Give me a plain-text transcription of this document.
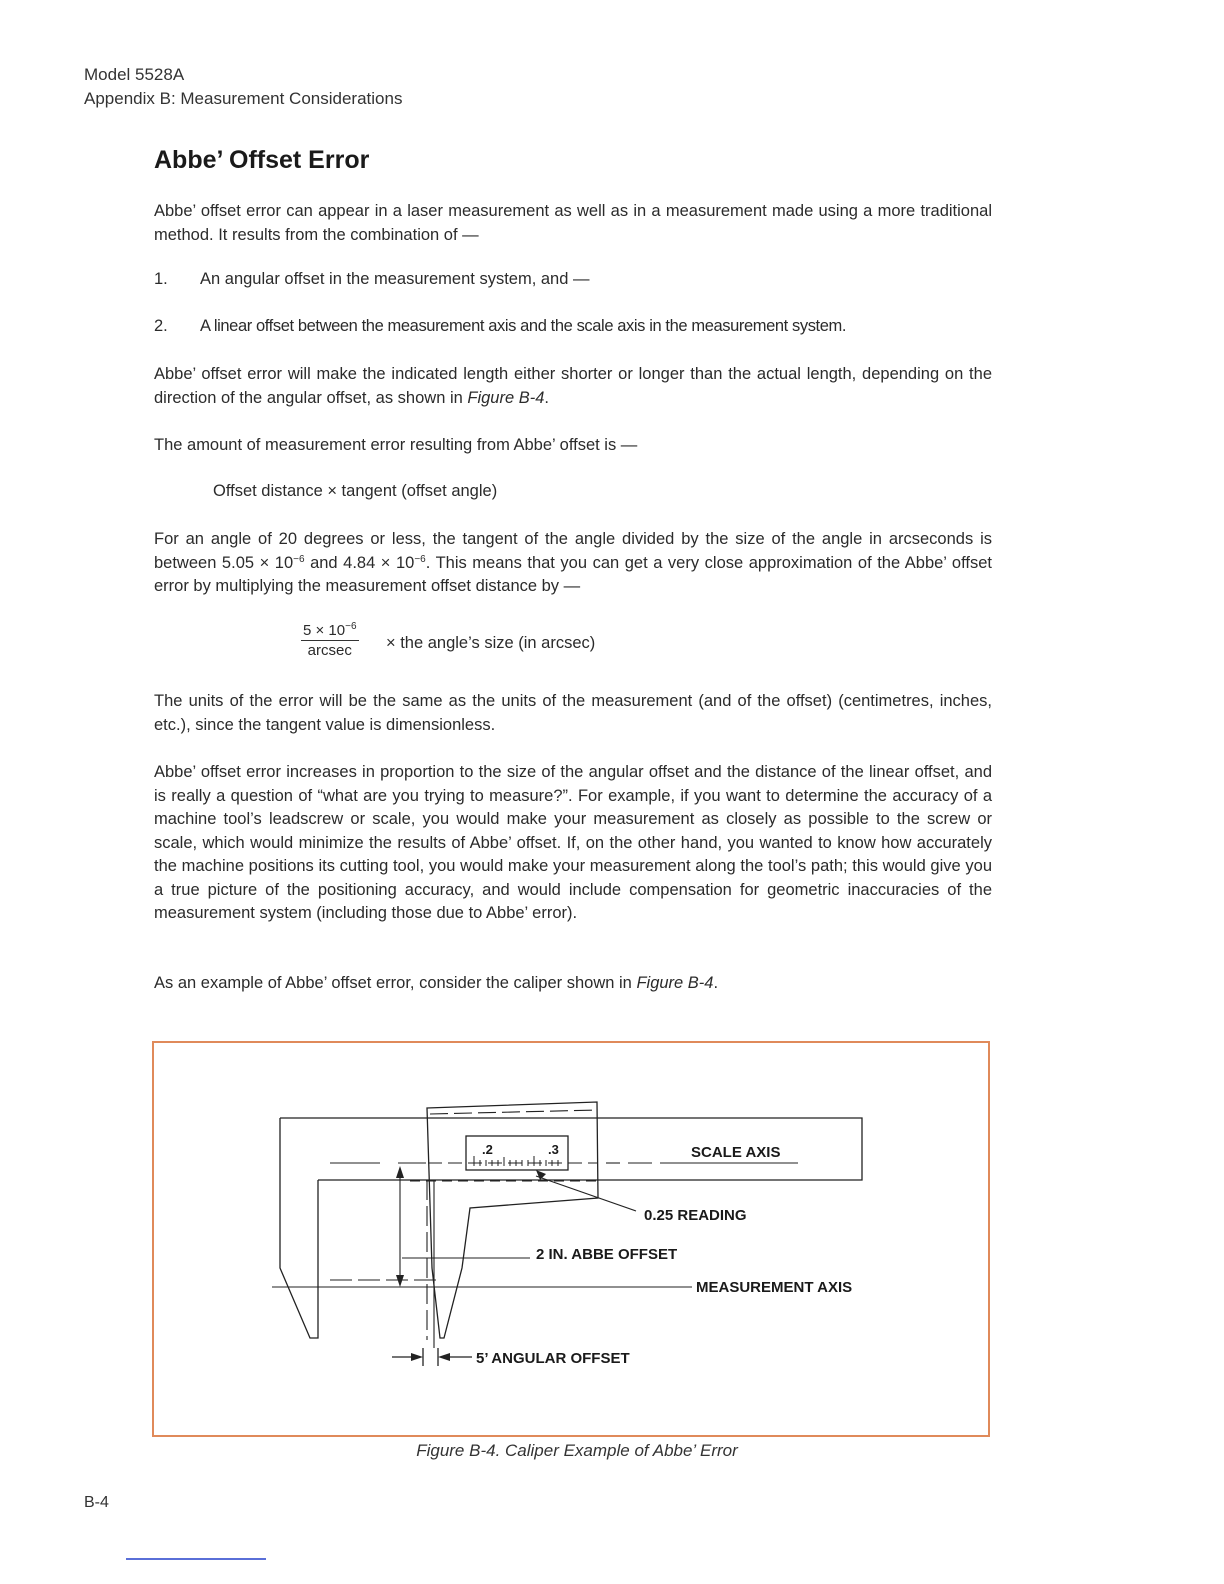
Model 5528A
Appendix B: Measurement Considerations
Abbe’ Offset Error

Abbe’ offset error can appear in a laser measurement as well as in a measurement made using a more traditional method. It results from the combination of —

1. An angular offset in the measurement system, and —
2. A linear offset between the measurement axis and the scale axis in the measurement system.

Abbe’ offset error will make the indicated length either shorter or longer than the actual length, depending on the direction of the angular offset, as shown in Figure B-4.

The amount of measurement error resulting from Abbe’ offset is —

Offset distance × tangent (offset angle)

For an angle of 20 degrees or less, the tangent of the angle divided by the size of the angle in arcseconds is between $5.05 \times 10^{-6}$ and $4.84 \times 10^{-6}$. This means that you can get a very close approximation of the Abbe’ offset error by multiplying the measurement offset distance by —

$5 \times 10^{-6}$
arcsec	× the angle’s size (in arcsec)

The units of the error will be the same as the units of the measurement (and of the offset) (centimetres, inches, etc.), since the tangent value is dimensionless.

Abbe’ offset error increases in proportion to the size of the angular offset and the distance of the linear offset, and is really a question of “what are you trying to measure?”. For example, if you want to determine the accuracy of a machine tool’s leadscrew or scale, you would make your measurement as closely as possible to the screw or scale, which would minimize the results of Abbe’ offset. If, on the other hand, you wanted to know how accurately the machine positions its cutting tool, you would make your measurement along the tool’s path; this would give you a true picture of the positioning accuracy, and would include compensation for geometric inaccuracies of the measurement system (including those due to Abbe’ error).

As an example of Abbe’ offset error, consider the caliper shown in Figure B-4.

.2	.3	SCALE AXIS
0.25 READING
2 IN. ABBE OFFSET
MEASUREMENT AXIS
5’ ANGULAR OFFSET
Figure B-4. Caliper Example of Abbe’ Error
B-4
